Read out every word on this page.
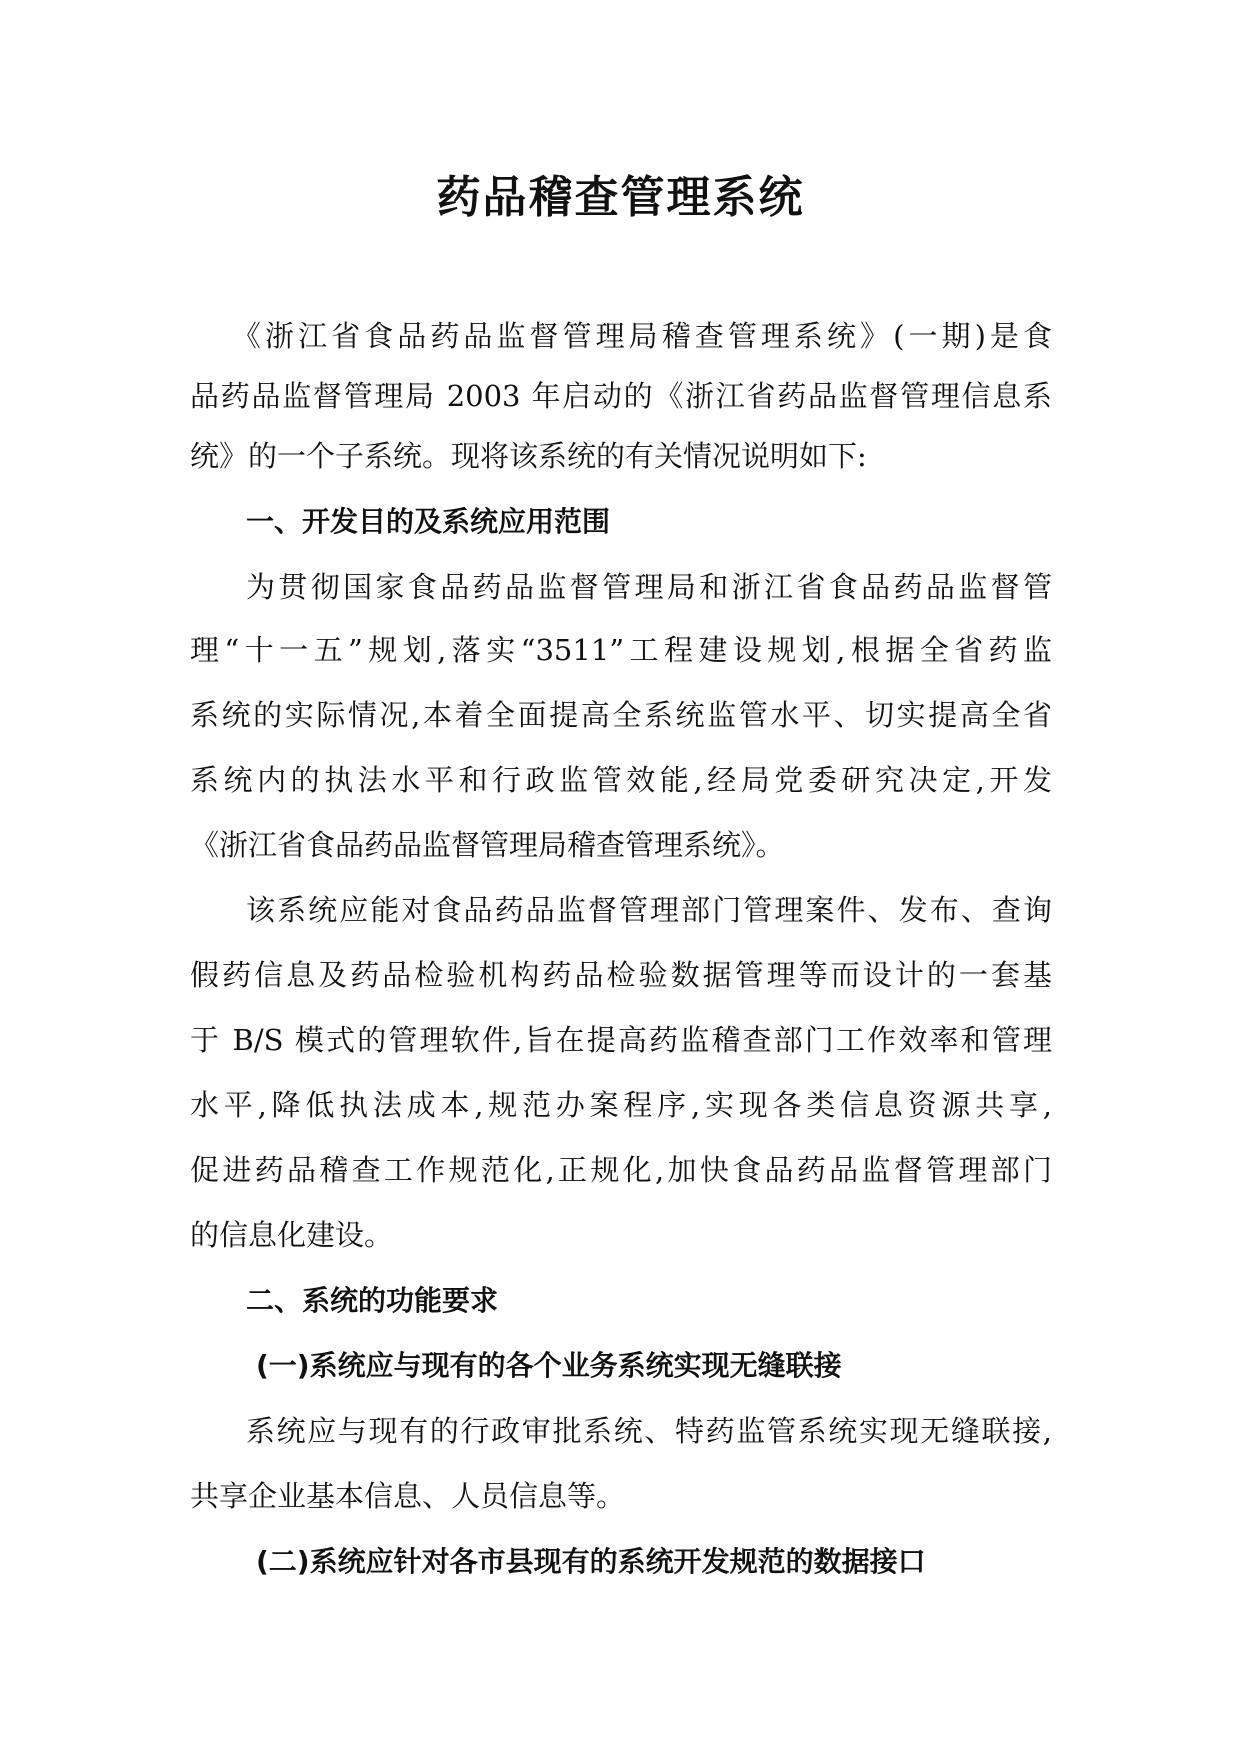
药品稽查管理系统

《浙江省食品药品监督管理局稽查管理系统》(一期)是食

品药品监督管理局 2003 年启动的《浙江省药品监督管理信息系

统》的一个子系统。现将该系统的有关情况说明如下:

一、开发目的及系统应用范围

为贯彻国家食品药品监督管理局和浙江省食品药品监督管

理“十一五”规划,落实“3511”工程建设规划,根据全省药监

系统的实际情况,本着全面提高全系统监管水平、切实提高全省

系统内的执法水平和行政监管效能,经局党委研究决定,开发

《浙江省食品药品监督管理局稽查管理系统》。

该系统应能对食品药品监督管理部门管理案件、发布、查询

假药信息及药品检验机构药品检验数据管理等而设计的一套基

于 B/S 模式的管理软件,旨在提高药监稽查部门工作效率和管理

水平,降低执法成本,规范办案程序,实现各类信息资源共享,

促进药品稽查工作规范化,正规化,加快食品药品监督管理部门

的信息化建设。

二、系统的功能要求
(一)系统应与现有的各个业务系统实现无缝联接

系统应与现有的行政审批系统、特药监管系统实现无缝联接,

共享企业基本信息、人员信息等。

(二)系统应针对各市县现有的系统开发规范的数据接口
